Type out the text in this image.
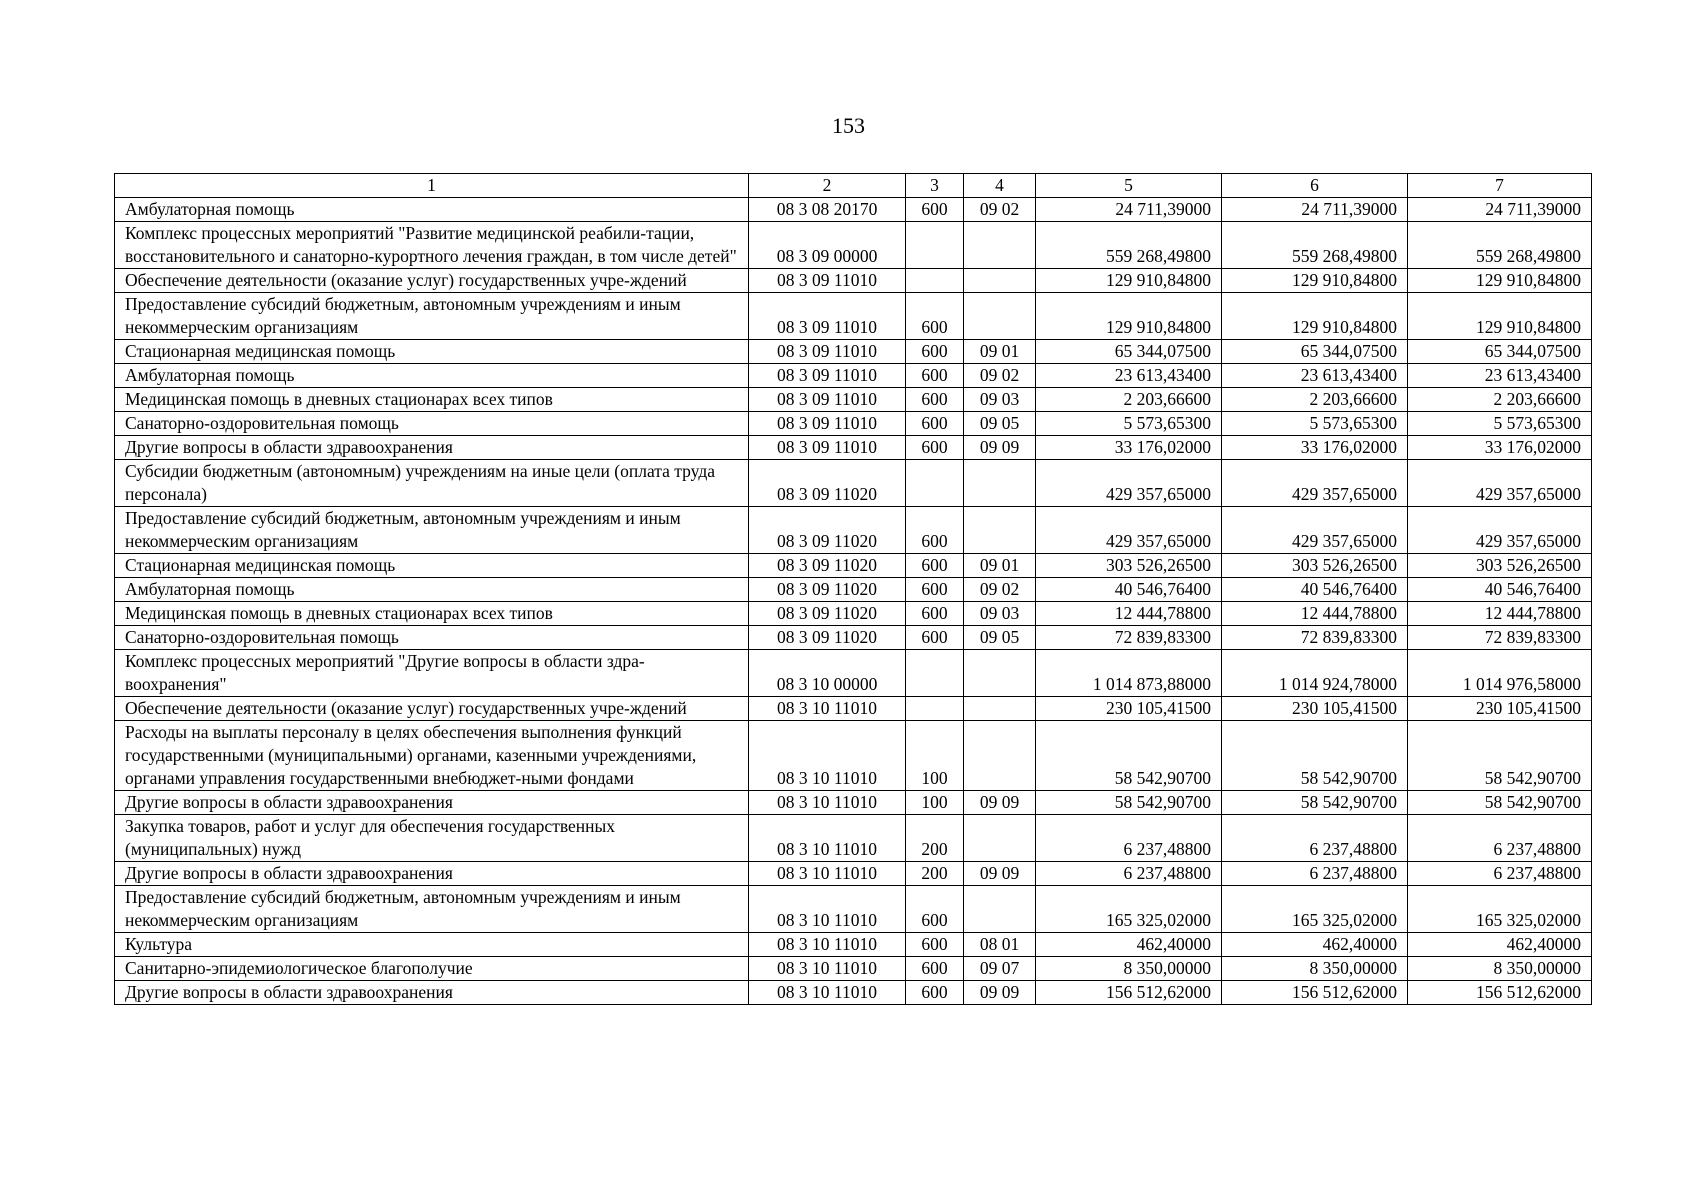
153
1	2	3	4	5	6	7
Амбулаторная помощь	08 3 08 20170	600	09 02	24 711,39000	24 711,39000	24 711,39000
Комплекс процессных мероприятий "Развитие медицинской реабили-тации, восстановительного и санаторно-курортного лечения граждан, в том числе детей"	08 3 09 00000			559 268,49800	559 268,49800	559 268,49800
Обеспечение деятельности (оказание услуг) государственных учре-ждений	08 3 09 11010			129 910,84800	129 910,84800	129 910,84800
Предоставление субсидий бюджетным, автономным учреждениям и иным некоммерческим организациям	08 3 09 11010	600		129 910,84800	129 910,84800	129 910,84800
Стационарная медицинская помощь	08 3 09 11010	600	09 01	65 344,07500	65 344,07500	65 344,07500
Амбулаторная помощь	08 3 09 11010	600	09 02	23 613,43400	23 613,43400	23 613,43400
Медицинская помощь в дневных стационарах всех типов	08 3 09 11010	600	09 03	2 203,66600	2 203,66600	2 203,66600
Санаторно-оздоровительная помощь	08 3 09 11010	600	09 05	5 573,65300	5 573,65300	5 573,65300
Другие вопросы в области здравоохранения	08 3 09 11010	600	09 09	33 176,02000	33 176,02000	33 176,02000
Субсидии бюджетным (автономным) учреждениям на иные цели (оплата труда персонала)	08 3 09 11020			429 357,65000	429 357,65000	429 357,65000
Предоставление субсидий бюджетным, автономным учреждениям и иным некоммерческим организациям	08 3 09 11020	600		429 357,65000	429 357,65000	429 357,65000
Стационарная медицинская помощь	08 3 09 11020	600	09 01	303 526,26500	303 526,26500	303 526,26500
Амбулаторная помощь	08 3 09 11020	600	09 02	40 546,76400	40 546,76400	40 546,76400
Медицинская помощь в дневных стационарах всех типов	08 3 09 11020	600	09 03	12 444,78800	12 444,78800	12 444,78800
Санаторно-оздоровительная помощь	08 3 09 11020	600	09 05	72 839,83300	72 839,83300	72 839,83300
Комплекс процессных мероприятий "Другие вопросы в области здра-воохранения"	08 3 10 00000			1 014 873,88000	1 014 924,78000	1 014 976,58000
Обеспечение деятельности (оказание услуг) государственных учре-ждений	08 3 10 11010			230 105,41500	230 105,41500	230 105,41500
Расходы на выплаты персоналу в целях обеспечения выполнения функций государственными (муниципальными) органами, казенными учреждениями, органами управления государственными внебюджет-ными фондами	08 3 10 11010	100		58 542,90700	58 542,90700	58 542,90700
Другие вопросы в области здравоохранения	08 3 10 11010	100	09 09	58 542,90700	58 542,90700	58 542,90700
Закупка товаров, работ и услуг для обеспечения государственных (муниципальных) нужд	08 3 10 11010	200		6 237,48800	6 237,48800	6 237,48800
Другие вопросы в области здравоохранения	08 3 10 11010	200	09 09	6 237,48800	6 237,48800	6 237,48800
Предоставление субсидий бюджетным, автономным учреждениям и иным некоммерческим организациям	08 3 10 11010	600		165 325,02000	165 325,02000	165 325,02000
Культура	08 3 10 11010	600	08 01	462,40000	462,40000	462,40000
Санитарно-эпидемиологическое благополучие	08 3 10 11010	600	09 07	8 350,00000	8 350,00000	8 350,00000
Другие вопросы в области здравоохранения	08 3 10 11010	600	09 09	156 512,62000	156 512,62000	156 512,62000
